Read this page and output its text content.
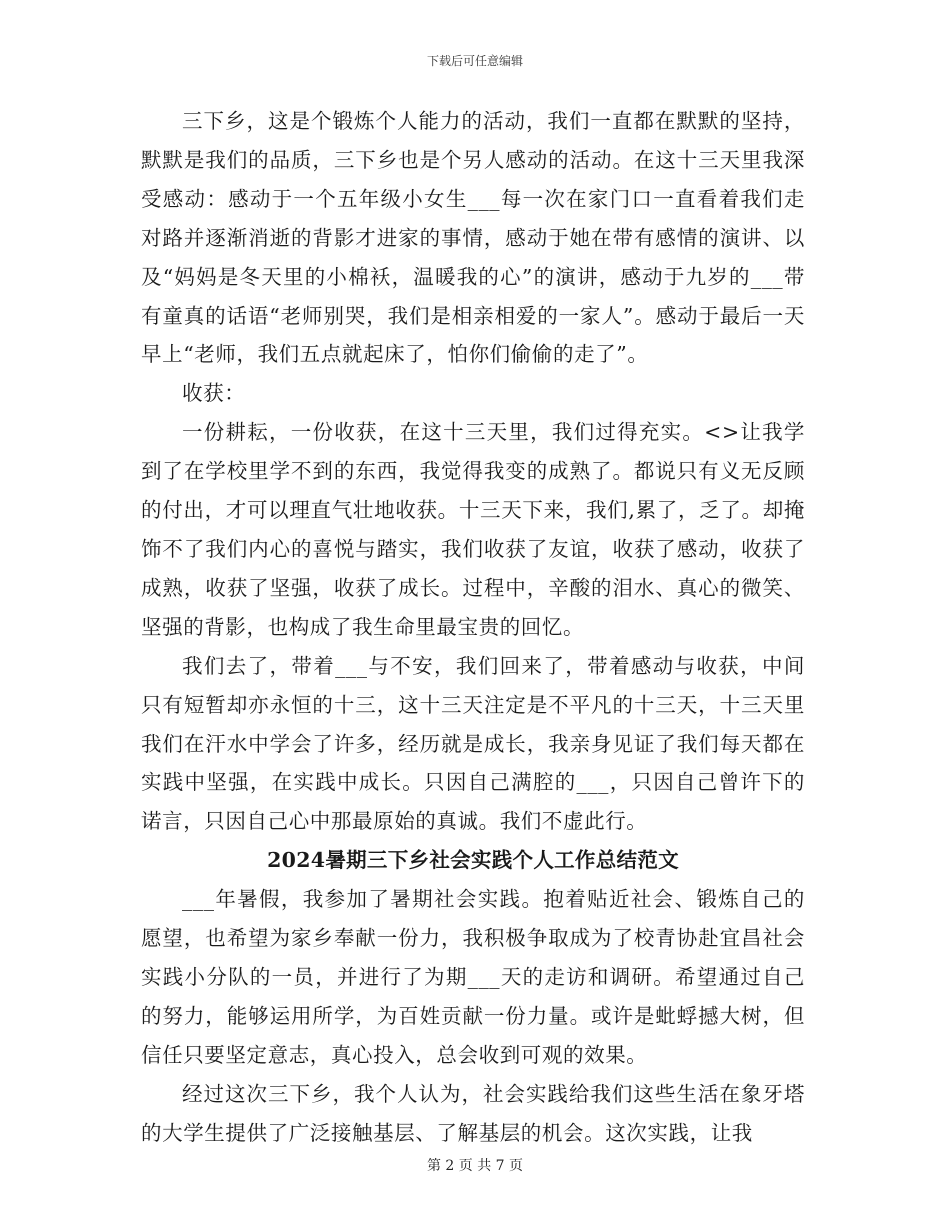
下载后可任意编辑

三下乡，这是个锻炼个人能力的活动，我们一直都在默默的坚持，默默是我们的品质，三下乡也是个另人感动的活动。在这十三天里我深受感动：感动于一个五年级小女生___每一次在家门口一直看着我们走对路并逐渐消逝的背影才进家的事情，感动于她在带有感情的演讲、以及“妈妈是冬天里的小棉袄，温暖我的心”的演讲，感动于九岁的___带有童真的话语“老师别哭，我们是相亲相爱的一家人”。感动于最后一天早上“老师，我们五点就起床了，怕你们偷偷的走了”。

收获：

一份耕耘，一份收获，在这十三天里，我们过得充实。<>让我学到了在学校里学不到的东西，我觉得我变的成熟了。都说只有义无反顾的付出，才可以理直气壮地收获。十三天下来，我们,累了，乏了。却掩饰不了我们内心的喜悦与踏实，我们收获了友谊，收获了感动，收获了成熟，收获了坚强，收获了成长。过程中，辛酸的泪水、真心的微笑、坚强的背影，也构成了我生命里最宝贵的回忆。

我们去了，带着___与不安，我们回来了，带着感动与收获，中间只有短暂却亦永恒的十三，这十三天注定是不平凡的十三天，十三天里我们在汗水中学会了许多，经历就是成长，我亲身见证了我们每天都在实践中坚强，在实践中成长。只因自己满腔的___，只因自己曾许下的诺言，只因自己心中那最原始的真诚。我们不虚此行。

2024暑期三下乡社会实践个人工作总结范文

___年暑假，我参加了暑期社会实践。抱着贴近社会、锻炼自己的愿望，也希望为家乡奉献一份力，我积极争取成为了校青协赴宜昌社会实践小分队的一员，并进行了为期___天的走访和调研。希望通过自己的努力，能够运用所学，为百姓贡献一份力量。或许是蚍蜉撼大树，但信任只要坚定意志，真心投入，总会收到可观的效果。

经过这次三下乡，我个人认为，社会实践给我们这些生活在象牙塔的大学生提供了广泛接触基层、了解基层的机会。这次实践，让我

第 2 页 共 7 页
